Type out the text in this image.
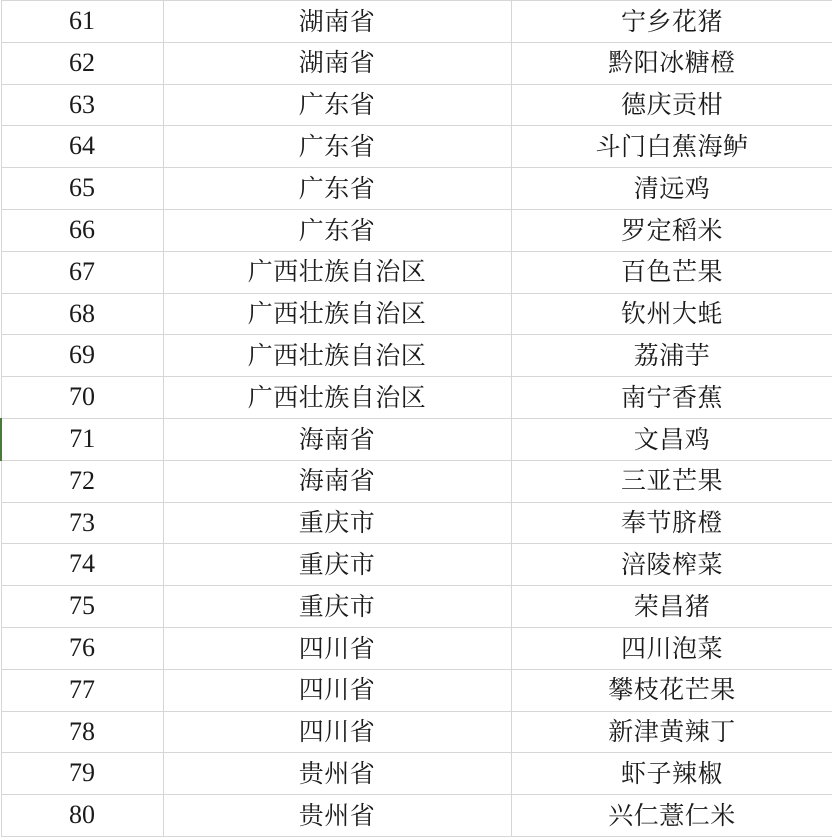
61	湖南省	宁乡花猪
62	湖南省	黔阳冰糖橙
63	广东省	德庆贡柑
64	广东省	斗门白蕉海鲈
65	广东省	清远鸡
66	广东省	罗定稻米
67	广西壮族自治区	百色芒果
68	广西壮族自治区	钦州大蚝
69	广西壮族自治区	荔浦芋
70	广西壮族自治区	南宁香蕉
71	海南省	文昌鸡
72	海南省	三亚芒果
73	重庆市	奉节脐橙
74	重庆市	涪陵榨菜
75	重庆市	荣昌猪
76	四川省	四川泡菜
77	四川省	攀枝花芒果
78	四川省	新津黄辣丁
79	贵州省	虾子辣椒
80	贵州省	兴仁薏仁米
